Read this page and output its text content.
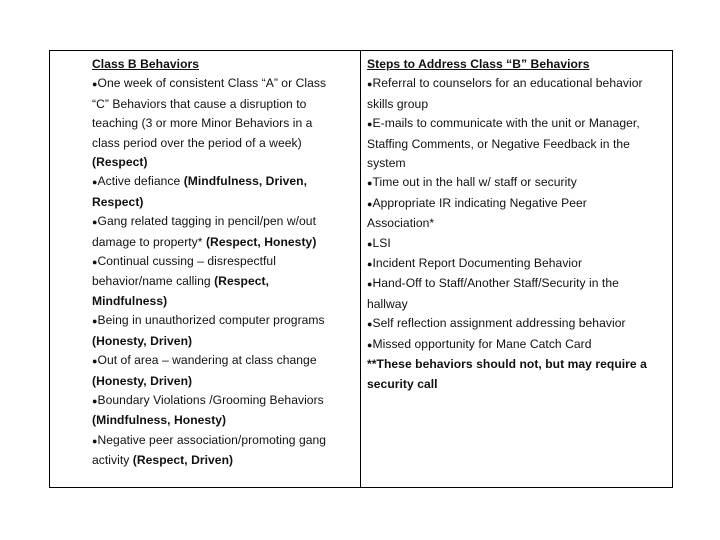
Class B Behaviors
●One week of consistent Class “A” or Class
“C” Behaviors that cause a disruption to
teaching (3 or more Minor Behaviors in a
class period over the period of a week)
(Respect)
●Active defiance (Mindfulness, Driven,
Respect)
●Gang related tagging in pencil/pen w/out
damage to property* (Respect, Honesty)
●Continual cussing – disrespectful
behavior/name calling (Respect,
Mindfulness)
●Being in unauthorized computer programs
(Honesty, Driven)
●Out of area – wandering at class change
(Honesty, Driven)
●Boundary Violations /Grooming Behaviors
(Mindfulness, Honesty)
●Negative peer association/promoting gang
activity (Respect, Driven)
Steps to Address Class “B” Behaviors
●Referral to counselors for an educational behavior
skills group
●E-mails to communicate with the unit or Manager,
Staffing Comments, or Negative Feedback in the
system
●Time out in the hall w/ staff or security
●Appropriate IR indicating Negative Peer
Association*
●LSI
●Incident Report Documenting Behavior
●Hand-Off to Staff/Another Staff/Security in the
hallway
●Self reflection assignment addressing behavior
●Missed opportunity for Mane Catch Card
**These behaviors should not, but may require a
security call
